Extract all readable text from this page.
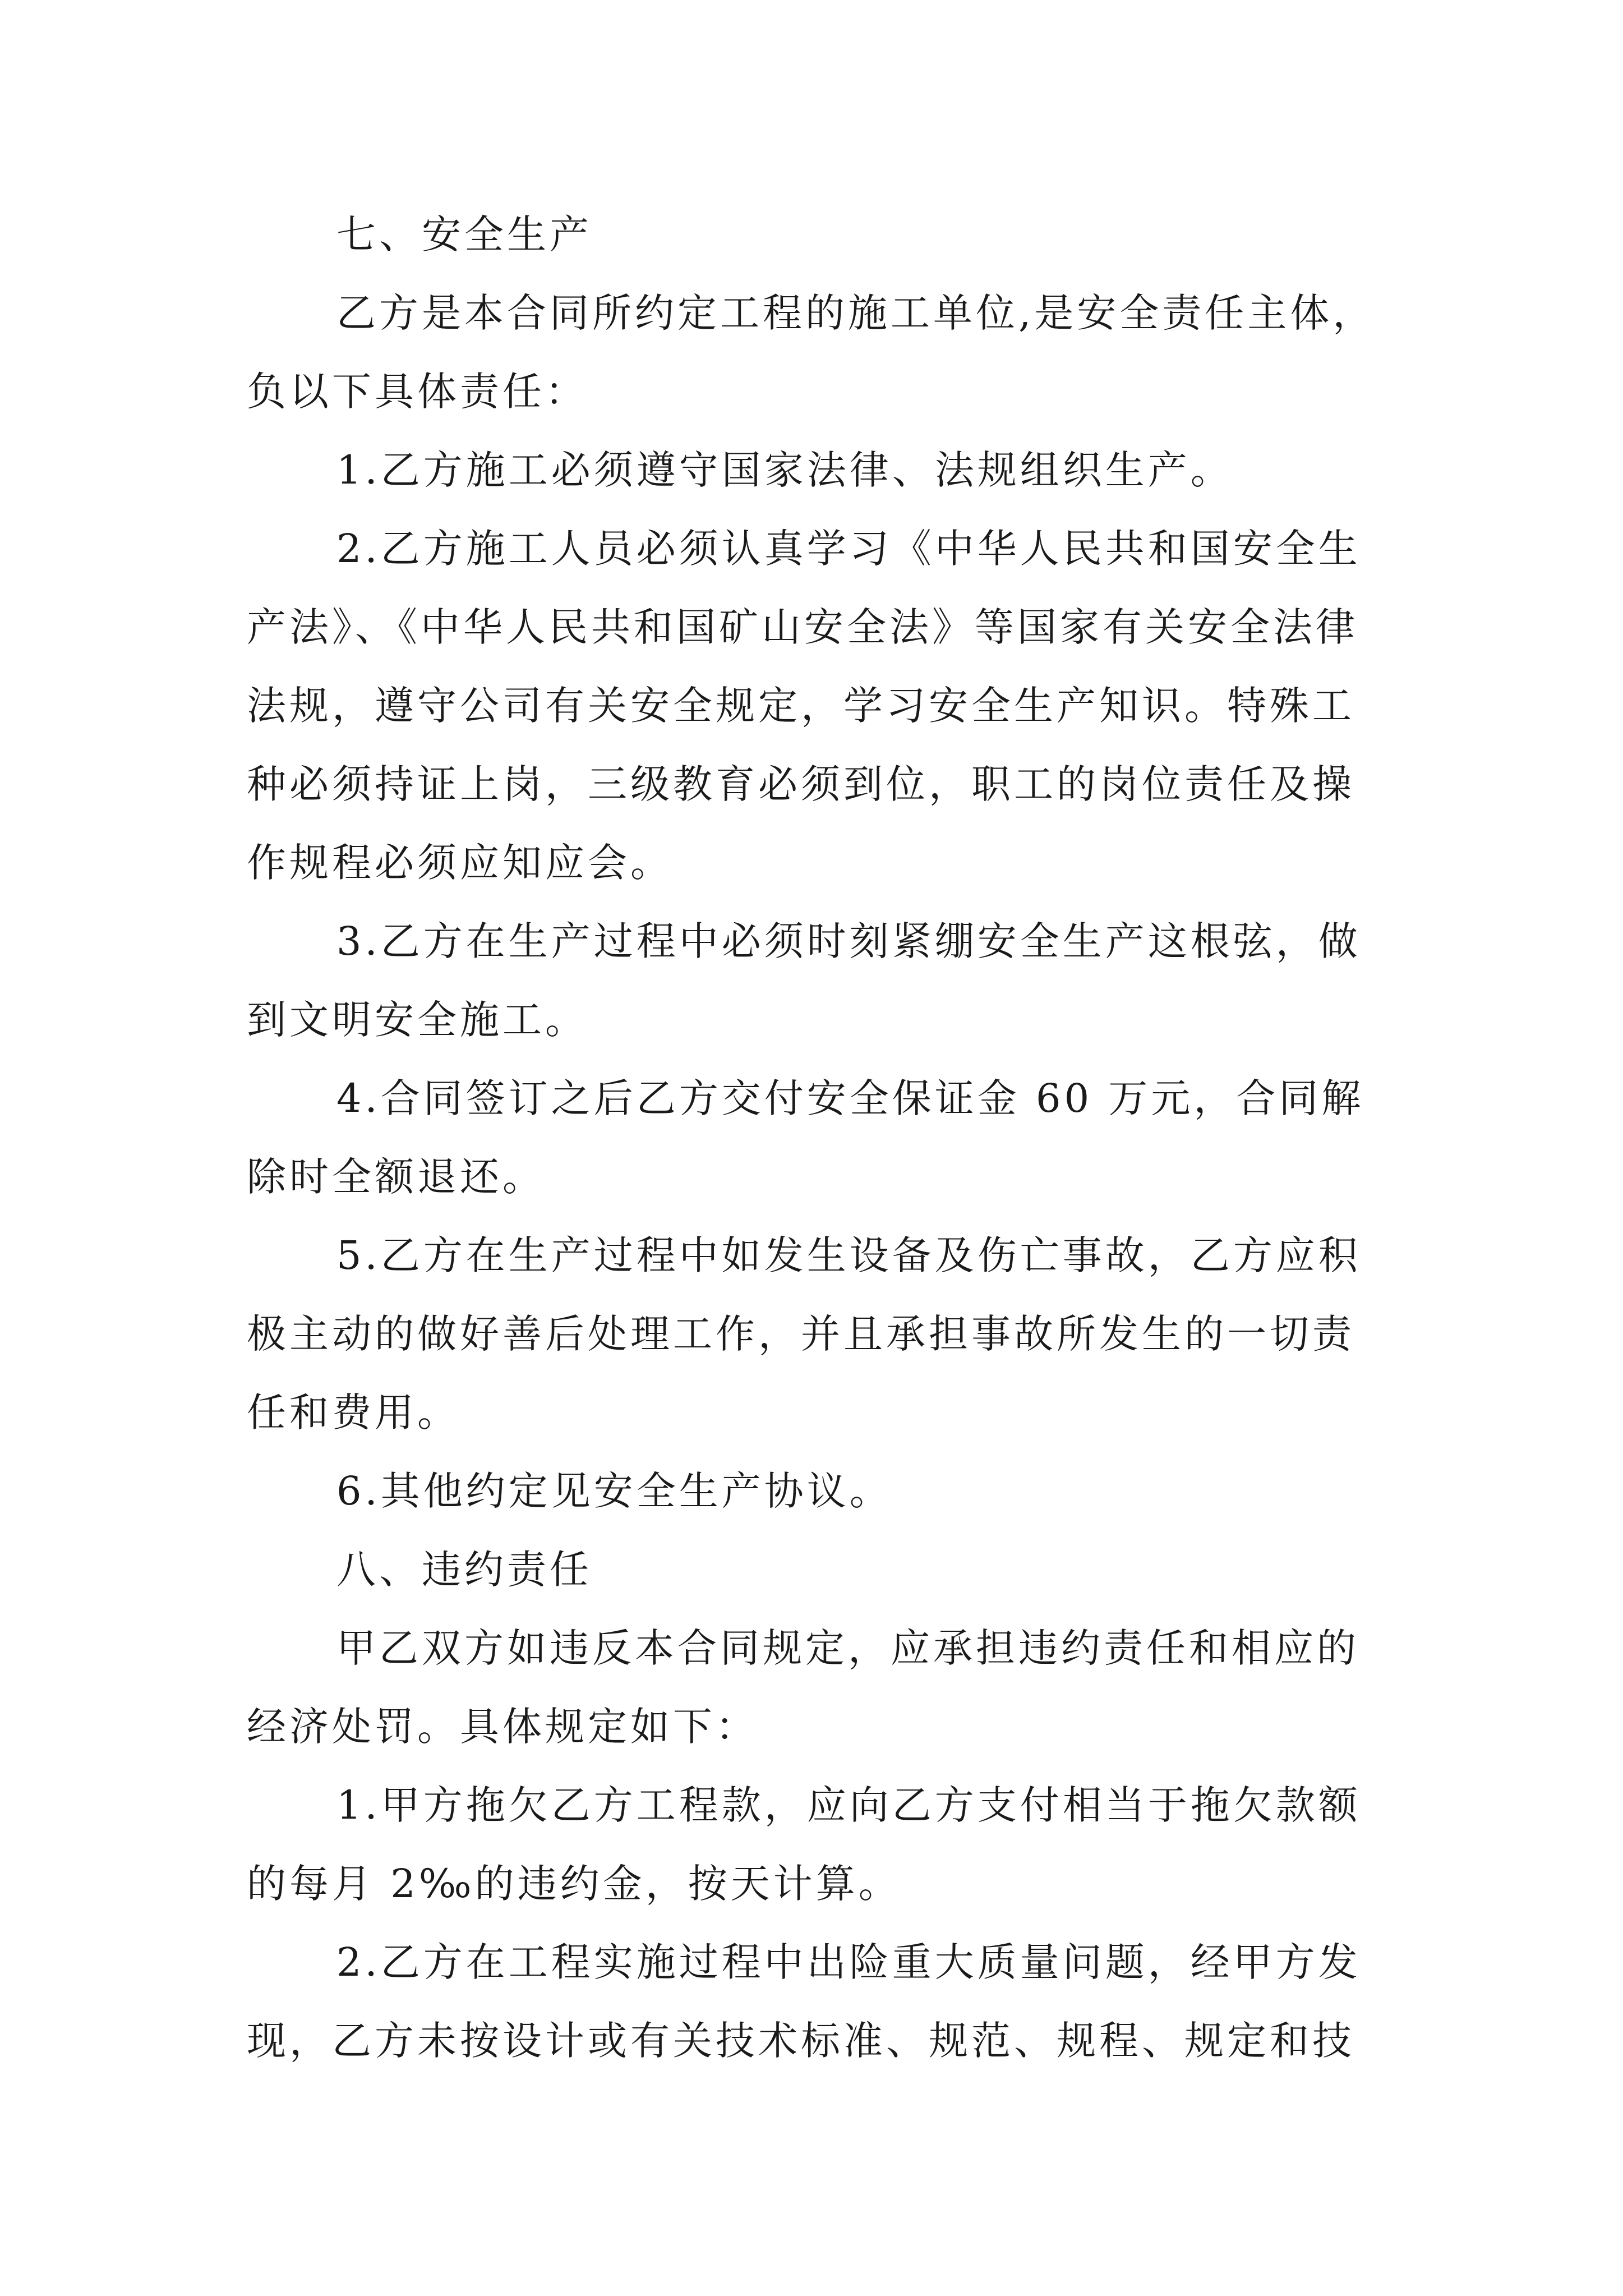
七、安全生产
乙方是本合同所约定工程的施工单位,是安全责任主体，
负以下具体责任：
1.乙方施工必须遵守国家法律、法规组织生产。
2.乙方施工人员必须认真学习《中华人民共和国安全生
产法》、《中华人民共和国矿山安全法》等国家有关安全法律
法规，遵守公司有关安全规定，学习安全生产知识。特殊工
种必须持证上岗，三级教育必须到位，职工的岗位责任及操
作规程必须应知应会。
3.乙方在生产过程中必须时刻紧绷安全生产这根弦，做
到文明安全施工。
4.合同签订之后乙方交付安全保证金 60 万元，合同解
除时全额退还。
5.乙方在生产过程中如发生设备及伤亡事故，乙方应积
极主动的做好善后处理工作，并且承担事故所发生的一切责
任和费用。
6.其他约定见安全生产协议。
八、违约责任
甲乙双方如违反本合同规定，应承担违约责任和相应的
经济处罚。具体规定如下：
1.甲方拖欠乙方工程款，应向乙方支付相当于拖欠款额
的每月 2‰的违约金，按天计算。
2.乙方在工程实施过程中出险重大质量问题，经甲方发
现，乙方未按设计或有关技术标准、规范、规程、规定和技
